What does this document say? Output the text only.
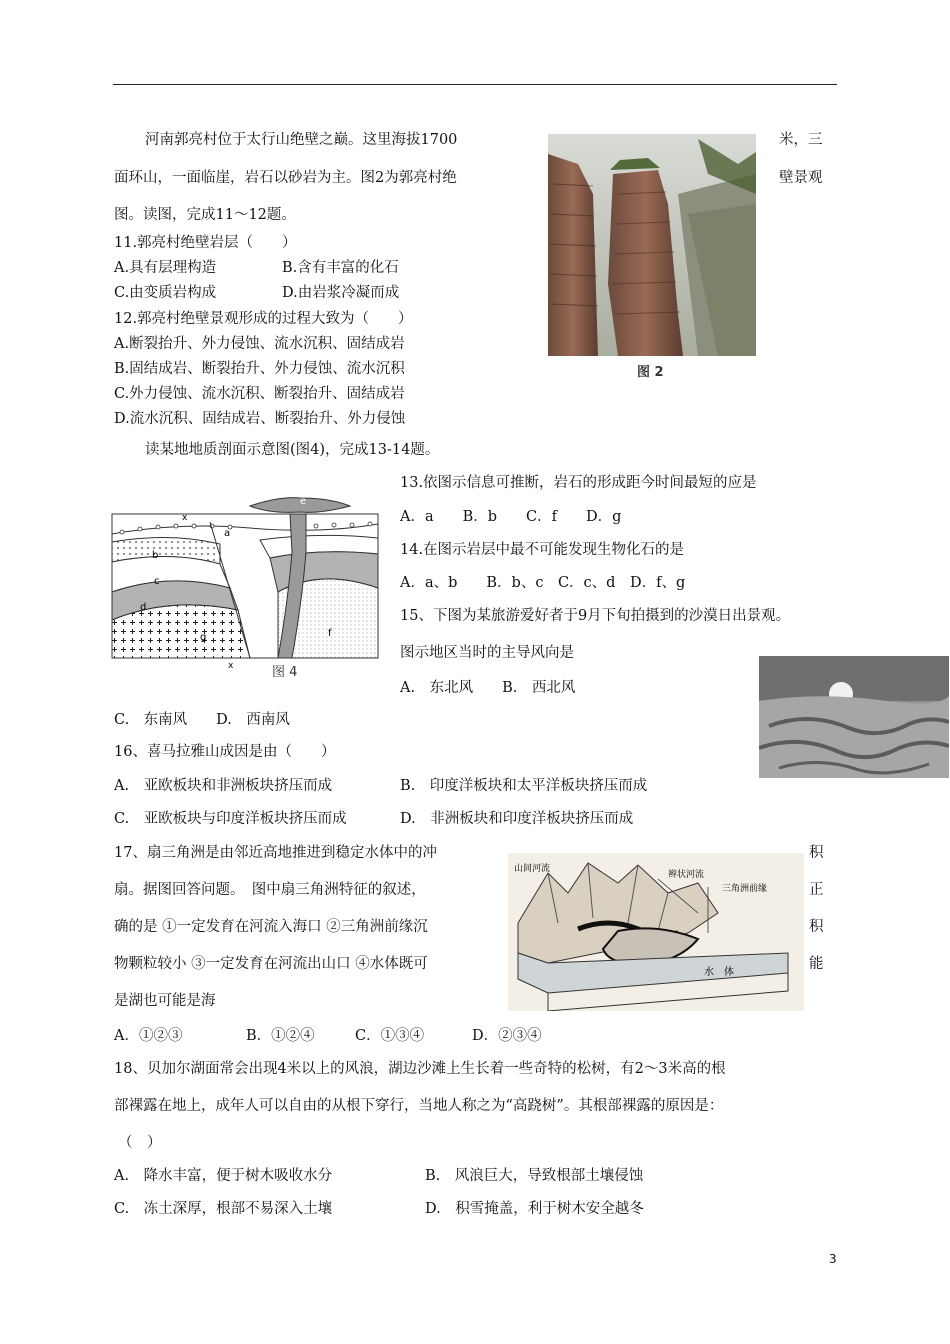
河南郭亮村位于太行山绝壁之巅。这里海拔1700	米，三
面环山，一面临崖，岩石以砂岩为主。图2为郭亮村绝	壁景观
图。读图，完成11～12题。
11.郭亮村绝壁岩层（　　）
A.具有层理构造	B.含有丰富的化石
C.由变质岩构成	D.由岩浆冷凝而成
12.郭亮村绝壁景观形成的过程大致为（　　）
A.断裂抬升、外力侵蚀、流水沉积、固结成岩
B.固结成岩、断裂抬升、外力侵蚀、流水沉积
C.外力侵蚀、流水沉积、断裂抬升、固结成岩
D.流水沉积、固结成岩、断裂抬升、外力侵蚀
图 2
读某地地质剖面示意图(图4)，完成13-14题。
13.依图示信息可推断，岩石的形成距今时间最短的应是
A．a　　B．b　　C．f　　D．g
14.在图示岩层中最不可能发现生物化石的是
A．a、b　　B．b、c　C．c、d　D．f、g
15、下图为某旅游爱好者于9月下旬拍摄到的沙漠日出景观。
图示地区当时的主导风向是
A.　东北风　　B.　西北风
C.　东南风　　D.　西南风
e
a
b
c
d
g	f
x
x	图 4
16、喜马拉雅山成因是由（　　）
A.　亚欧板块和非洲板块挤压而成	B.　印度洋板块和太平洋板块挤压而成
C.　亚欧板块与印度洋板块挤压而成	D.　非洲板块和印度洋板块挤压而成
17、扇三角洲是由邻近高地推进到稳定水体中的冲	积
扇。据图回答问题。　图中扇三角洲特征的叙述，	正
确的是 ①一定发育在河流入海口 ②三角洲前缘沉	积
物颗粒较小 ③一定发育在河流出山口 ④水体既可	能
是湖也可能是海
山间河流
辫状河流
三角洲前缘
水　体
A．①②③	B．①②④	C．①③④	D．②③④
18、贝加尔湖面常会出现4米以上的风浪，湖边沙滩上生长着一些奇特的松树，有2～3米高的根
部裸露在地上，成年人可以自由的从根下穿行，当地人称之为“高跷树”。其根部裸露的原因是：
（　）
A.　降水丰富，便于树木吸收水分	B.　风浪巨大，导致根部土壤侵蚀
C.　冻土深厚，根部不易深入土壤	D.　积雪掩盖，利于树木安全越冬
3
